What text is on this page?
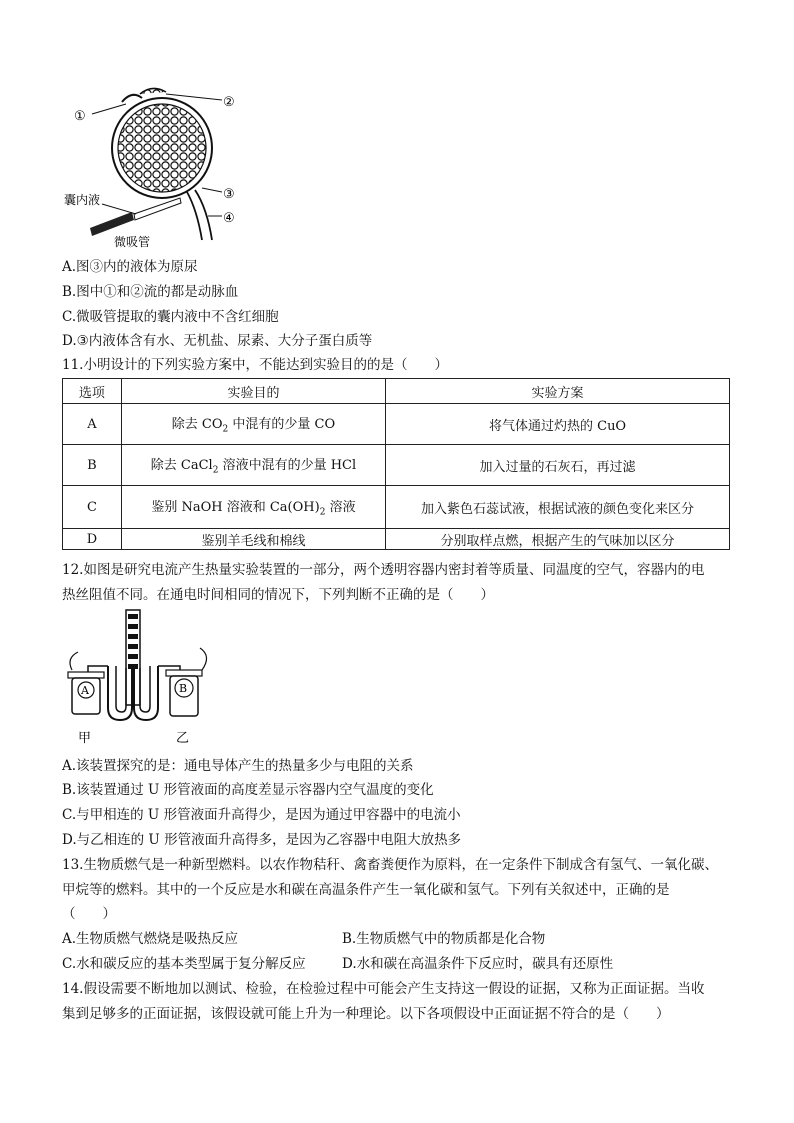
①
②
③
④
囊内液
微吸管
A.图③内的液体为原尿
B.图中①和②流的都是动脉血
C.微吸管提取的囊内液中不含红细胞
D.③内液体含有水、无机盐、尿素、大分子蛋白质等
11.小明设计的下列实验方案中，不能达到实验目的的是（　　）
选项	实验目的	实验方案
A	除去 $CO_2$ 中混有的少量 CO	将气体通过灼热的 CuO
B	除去 CaCl$_2$ 溶液中混有的少量 HCl	加入过量的石灰石，再过滤
C	鉴别 NaOH 溶液和 $Ca(OH)_2$ 溶液	加入紫色石蕊试液，根据试液的颜色变化来区分
D	鉴别羊毛线和棉线	分别取样点燃，根据产生的气味加以区分
12.如图是研究电流产生热量实验装置的一部分，两个透明容器内密封着等质量、同温度的空气，容器内的电
热丝阻值不同。在通电时间相同的情况下，下列判断不正确的是（　　）
A	B
甲	乙
A.该装置探究的是：通电导体产生的热量多少与电阻的关系
B.该装置通过 U 形管液面的高度差显示容器内空气温度的变化
C.与甲相连的 U 形管液面升高得少，是因为通过甲容器中的电流小
D.与乙相连的 U 形管液面升高得多，是因为乙容器中电阻大放热多
13.生物质燃气是一种新型燃料。以农作物秸秆、禽畜粪便作为原料，在一定条件下制成含有氢气、一氧化碳、
甲烷等的燃料。其中的一个反应是水和碳在高温条件产生一氧化碳和氢气。下列有关叙述中，正确的是
（　　）
A.生物质燃气燃烧是吸热反应	B.生物质燃气中的物质都是化合物
C.水和碳反应的基本类型属于复分解反应	D.水和碳在高温条件下反应时，碳具有还原性
14.假设需要不断地加以测试、检验，在检验过程中可能会产生支持这一假设的证据，又称为正面证据。当收
集到足够多的正面证据，该假设就可能上升为一种理论。以下各项假设中正面证据不符合的是（　　）
